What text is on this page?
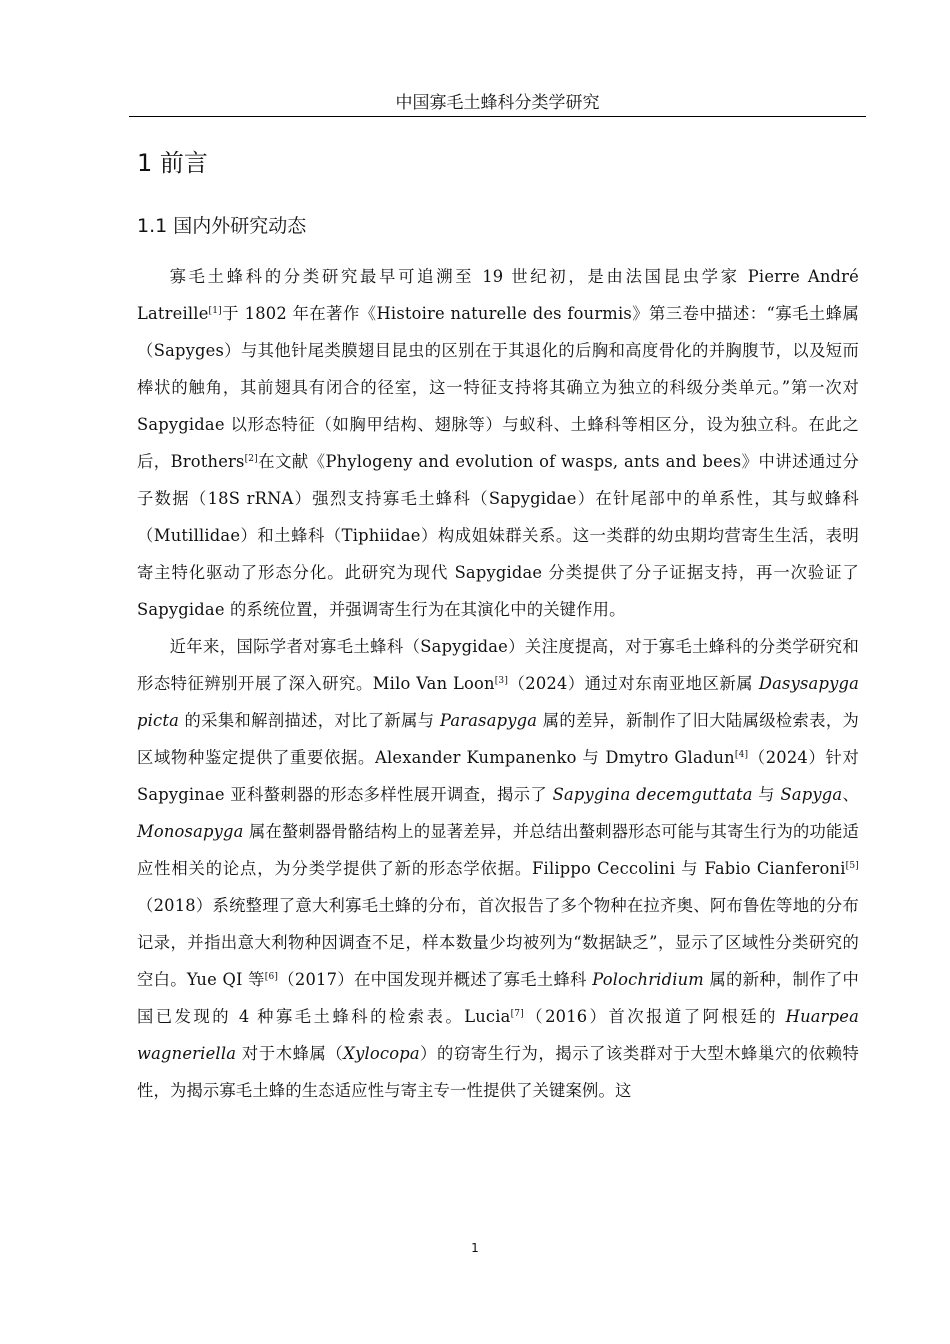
中国寡毛土蜂科分类学研究
1 前言
1.1 国内外研究动态

寡毛土蜂科的分类研究最早可追溯至 19 世纪初，是由法国昆虫学家 Pierre André Latreille[1]于 1802 年在著作《Histoire naturelle des fourmis》第三卷中描述：“寡毛土蜂属（Sapyges）与其他针尾类膜翅目昆虫的区别在于其退化的后胸和高度骨化的并胸腹节，以及短而棒状的触角，其前翅具有闭合的径室，这一特征支持将其确立为独立的科级分类单元。”第一次对 Sapygidae 以形态特征（如胸甲结构、翅脉等）与蚁科、土蜂科等相区分，设为独立科。在此之后，Brothers[2]在文献《Phylogeny and evolution of wasps, ants and bees》中讲述通过分子数据（18S rRNA）强烈支持寡毛土蜂科（Sapygidae）在针尾部中的单系性，其与蚁蜂科（Mutillidae）和土蜂科（Tiphiidae）构成姐妹群关系。这一类群的幼虫期均营寄生生活，表明寄主特化驱动了形态分化。此研究为现代 Sapygidae 分类提供了分子证据支持，再一次验证了 Sapygidae 的系统位置，并强调寄生行为在其演化中的关键作用。

近年来，国际学者对寡毛土蜂科（Sapygidae）关注度提高，对于寡毛土蜂科的分类学研究和形态特征辨别开展了深入研究。Milo Van Loon[3]（2024）通过对东南亚地区新属 Dasysapyga picta 的采集和解剖描述，对比了新属与 Parasapyga 属的差异，新制作了旧大陆属级检索表，为区域物种鉴定提供了重要依据。Alexander Kumpanenko 与 Dmytro Gladun[4]（2024）针对 Sapyginae 亚科螯刺器的形态多样性展开调查，揭示了 Sapygina decemguttata 与 Sapyga、Monosapyga 属在螯刺器骨骼结构上的显著差异，并总结出螯刺器形态可能与其寄生行为的功能适应性相关的论点，为分类学提供了新的形态学依据。Filippo Ceccolini 与 Fabio Cianferoni[5]（2018）系统整理了意大利寡毛土蜂的分布，首次报告了多个物种在拉齐奥、阿布鲁佐等地的分布记录，并指出意大利物种因调查不足，样本数量少均被列为“数据缺乏”，显示了区域性分类研究的空白。Yue QI 等[6]（2017）在中国发现并概述了寡毛土蜂科 Polochridium 属的新种，制作了中国已发现的 4 种寡毛土蜂科的检索表。Lucia[7]（2016）首次报道了阿根廷的 Huarpea wagneriella 对于木蜂属（Xylocopa）的窃寄生行为，揭示了该类群对于大型木蜂巢穴的依赖特性，为揭示寡毛土蜂的生态适应性与寄主专一性提供了关键案例。这

1
